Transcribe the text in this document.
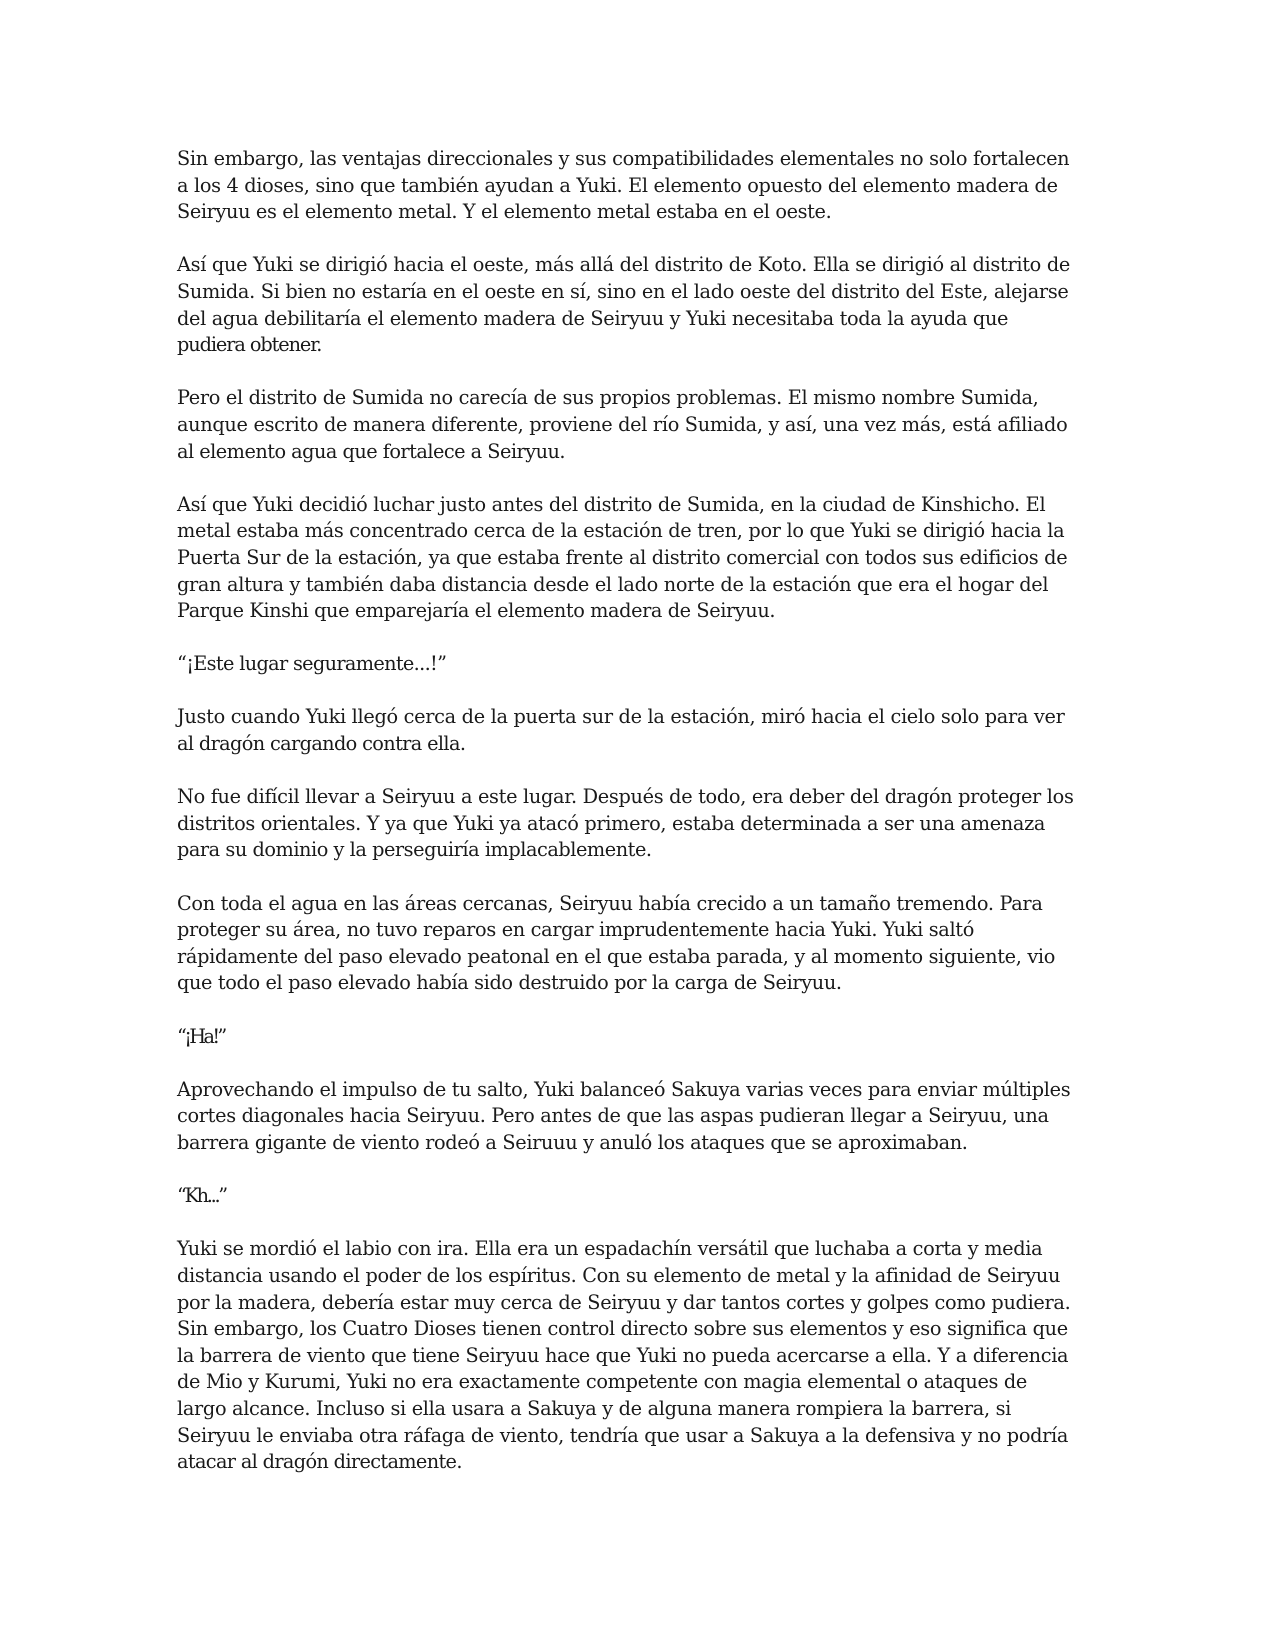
Sin embargo, las ventajas direccionales y sus compatibilidades elementales no solo fortalecen
a los 4 dioses, sino que también ayudan a Yuki. El elemento opuesto del elemento madera de
Seiryuu es el elemento metal. Y el elemento metal estaba en el oeste.

Así que Yuki se dirigió hacia el oeste, más allá del distrito de Koto. Ella se dirigió al distrito de
Sumida. Si bien no estaría en el oeste en sí, sino en el lado oeste del distrito del Este, alejarse
del agua debilitaría el elemento madera de Seiryuu y Yuki necesitaba toda la ayuda que
pudiera obtener.

Pero el distrito de Sumida no carecía de sus propios problemas. El mismo nombre Sumida,
aunque escrito de manera diferente, proviene del río Sumida, y así, una vez más, está afiliado
al elemento agua que fortalece a Seiryuu.

Así que Yuki decidió luchar justo antes del distrito de Sumida, en la ciudad de Kinshicho. El
metal estaba más concentrado cerca de la estación de tren, por lo que Yuki se dirigió hacia la
Puerta Sur de la estación, ya que estaba frente al distrito comercial con todos sus edificios de
gran altura y también daba distancia desde el lado norte de la estación que era el hogar del
Parque Kinshi que emparejaría el elemento madera de Seiryuu.

“¡Este lugar seguramente...!”

Justo cuando Yuki llegó cerca de la puerta sur de la estación, miró hacia el cielo solo para ver
al dragón cargando contra ella.

No fue difícil llevar a Seiryuu a este lugar. Después de todo, era deber del dragón proteger los
distritos orientales. Y ya que Yuki ya atacó primero, estaba determinada a ser una amenaza
para su dominio y la perseguiría implacablemente.

Con toda el agua en las áreas cercanas, Seiryuu había crecido a un tamaño tremendo. Para
proteger su área, no tuvo reparos en cargar imprudentemente hacia Yuki. Yuki saltó
rápidamente del paso elevado peatonal en el que estaba parada, y al momento siguiente, vio
que todo el paso elevado había sido destruido por la carga de Seiryuu.

“¡Ha!”

Aprovechando el impulso de tu salto, Yuki balanceó Sakuya varias veces para enviar múltiples
cortes diagonales hacia Seiryuu. Pero antes de que las aspas pudieran llegar a Seiryuu, una
barrera gigante de viento rodeó a Seiruuu y anuló los ataques que se aproximaban.

“Kh...”

Yuki se mordió el labio con ira. Ella era un espadachín versátil que luchaba a corta y media
distancia usando el poder de los espíritus. Con su elemento de metal y la afinidad de Seiryuu
por la madera, debería estar muy cerca de Seiryuu y dar tantos cortes y golpes como pudiera.
Sin embargo, los Cuatro Dioses tienen control directo sobre sus elementos y eso significa que
la barrera de viento que tiene Seiryuu hace que Yuki no pueda acercarse a ella. Y a diferencia
de Mio y Kurumi, Yuki no era exactamente competente con magia elemental o ataques de
largo alcance. Incluso si ella usara a Sakuya y de alguna manera rompiera la barrera, si
Seiryuu le enviaba otra ráfaga de viento, tendría que usar a Sakuya a la defensiva y no podría
atacar al dragón directamente.
